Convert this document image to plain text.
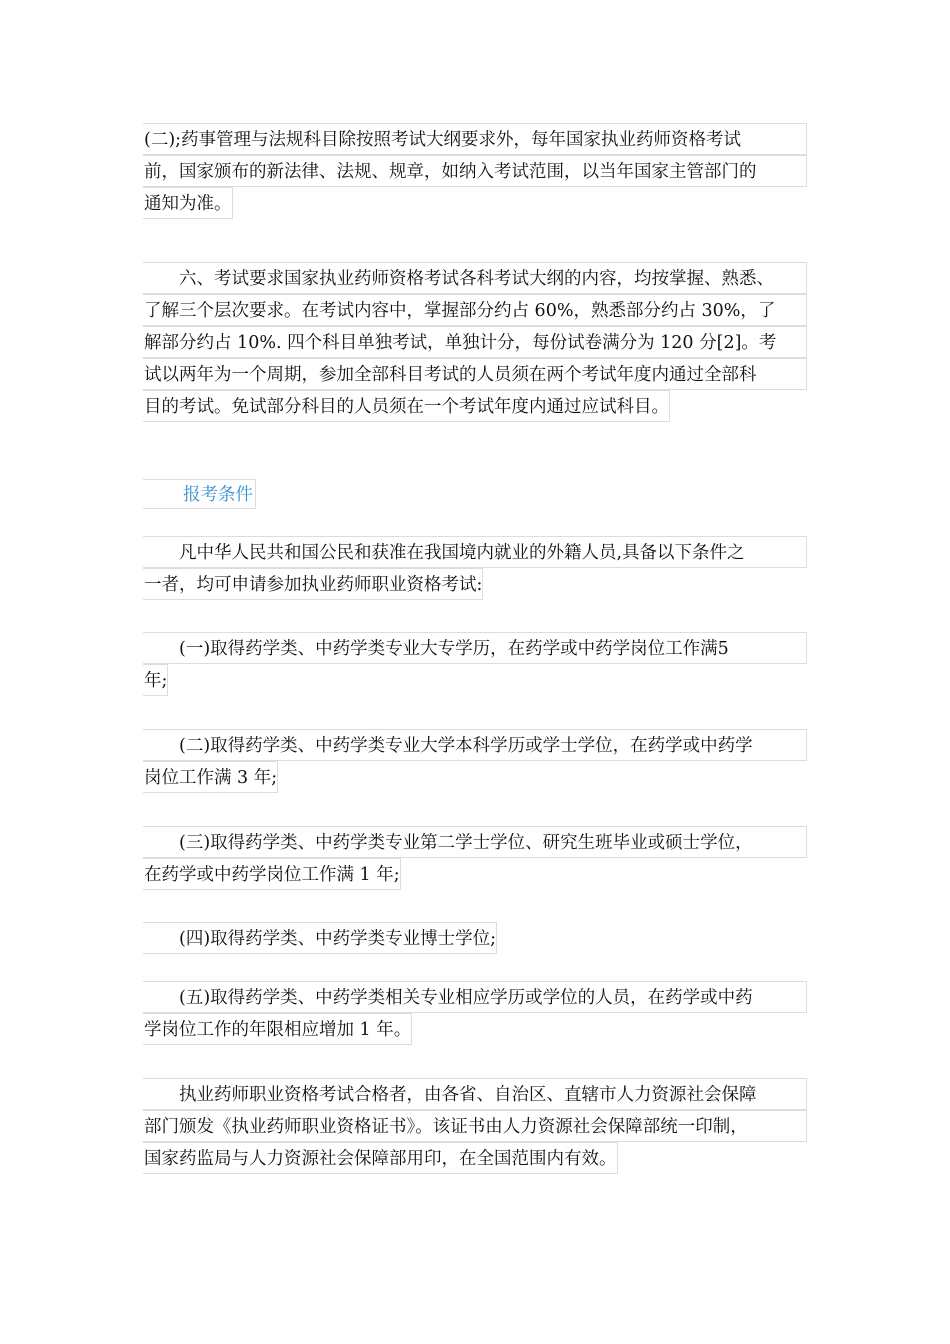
(二);药事管理与法规科目除按照考试大纲要求外，每年国家执业药师资格考试
前，国家颁布的新法律、法规、规章，如纳入考试范围，以当年国家主管部门的
通知为准。
　　六、考试要求国家执业药师资格考试各科考试大纲的内容，均按掌握、熟悉、
了解三个层次要求。在考试内容中，掌握部分约占 60%，熟悉部分约占 30%，了
解部分约占 10%. 四个科目单独考试，单独计分，每份试卷满分为 120 分[2]。考
试以两年为一个周期，参加全部科目考试的人员须在两个考试年度内通过全部科
目的考试。免试部分科目的人员须在一个考试年度内通过应试科目。
报考条件
　　凡中华人民共和国公民和获准在我国境内就业的外籍人员,具备以下条件之
一者，均可申请参加执业药师职业资格考试:
　　(一)取得药学类、中药学类专业大专学历，在药学或中药学岗位工作满5
年;
　　(二)取得药学类、中药学类专业大学本科学历或学士学位，在药学或中药学
岗位工作满 3 年;
　　(三)取得药学类、中药学类专业第二学士学位、研究生班毕业或硕士学位，
在药学或中药学岗位工作满 1 年;
　　(四)取得药学类、中药学类专业博士学位;
　　(五)取得药学类、中药学类相关专业相应学历或学位的人员，在药学或中药
学岗位工作的年限相应增加 1 年。
　　执业药师职业资格考试合格者，由各省、自治区、直辖市人力资源社会保障
部门颁发《执业药师职业资格证书》。该证书由人力资源社会保障部统一印制，
国家药监局与人力资源社会保障部用印，在全国范围内有效。
